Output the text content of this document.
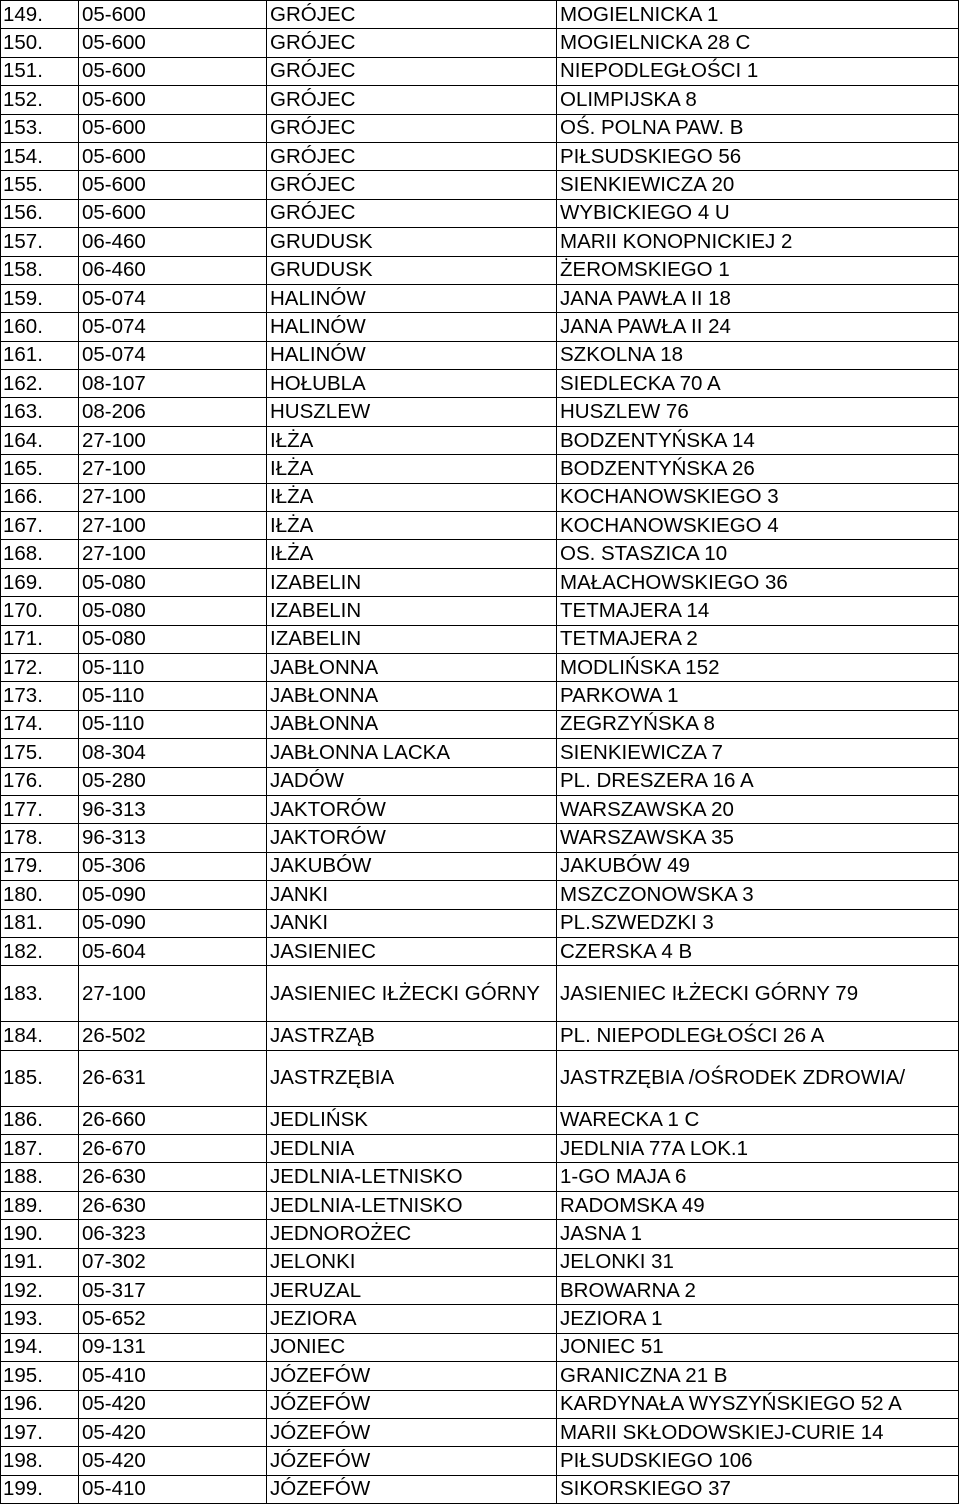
149.	05-600	GRÓJEC	MOGIELNICKA 1
150.	05-600	GRÓJEC	MOGIELNICKA 28 C
151.	05-600	GRÓJEC	NIEPODLEGŁOŚCI 1
152.	05-600	GRÓJEC	OLIMPIJSKA 8
153.	05-600	GRÓJEC	OŚ. POLNA PAW. B
154.	05-600	GRÓJEC	PIŁSUDSKIEGO 56
155.	05-600	GRÓJEC	SIENKIEWICZA 20
156.	05-600	GRÓJEC	WYBICKIEGO 4 U
157.	06-460	GRUDUSK	MARII KONOPNICKIEJ 2
158.	06-460	GRUDUSK	ŻEROMSKIEGO 1
159.	05-074	HALINÓW	JANA PAWŁA II 18
160.	05-074	HALINÓW	JANA PAWŁA II 24
161.	05-074	HALINÓW	SZKOLNA 18
162.	08-107	HOŁUBLA	SIEDLECKA 70 A
163.	08-206	HUSZLEW	HUSZLEW 76
164.	27-100	IŁŻA	BODZENTYŃSKA 14
165.	27-100	IŁŻA	BODZENTYŃSKA 26
166.	27-100	IŁŻA	KOCHANOWSKIEGO 3
167.	27-100	IŁŻA	KOCHANOWSKIEGO 4
168.	27-100	IŁŻA	OS. STASZICA 10
169.	05-080	IZABELIN	MAŁACHOWSKIEGO 36
170.	05-080	IZABELIN	TETMAJERA 14
171.	05-080	IZABELIN	TETMAJERA 2
172.	05-110	JABŁONNA	MODLIŃSKA 152
173.	05-110	JABŁONNA	PARKOWA 1
174.	05-110	JABŁONNA	ZEGRZYŃSKA 8
175.	08-304	JABŁONNA LACKA	SIENKIEWICZA 7
176.	05-280	JADÓW	PL. DRESZERA 16 A
177.	96-313	JAKTORÓW	WARSZAWSKA 20
178.	96-313	JAKTORÓW	WARSZAWSKA 35
179.	05-306	JAKUBÓW	JAKUBÓW 49
180.	05-090	JANKI	MSZCZONOWSKA 3
181.	05-090	JANKI	PL.SZWEDZKI 3
182.	05-604	JASIENIEC	CZERSKA 4 B
183.	27-100	JASIENIEC IŁŻECKI GÓRNY	JASIENIEC IŁŻECKI GÓRNY 79
184.	26-502	JASTRZĄB	PL. NIEPODLEGŁOŚCI 26 A
185.	26-631	JASTRZĘBIA	JASTRZĘBIA /OŚRODEK ZDROWIA/
186.	26-660	JEDLIŃSK	WARECKA 1 C
187.	26-670	JEDLNIA	JEDLNIA 77A LOK.1
188.	26-630	JEDLNIA-LETNISKO	1-GO MAJA 6
189.	26-630	JEDLNIA-LETNISKO	RADOMSKA 49
190.	06-323	JEDNOROŻEC	JASNA 1
191.	07-302	JELONKI	JELONKI 31
192.	05-317	JERUZAL	BROWARNA 2
193.	05-652	JEZIORA	JEZIORA 1
194.	09-131	JONIEC	JONIEC 51
195.	05-410	JÓZEFÓW	GRANICZNA 21 B
196.	05-420	JÓZEFÓW	KARDYNAŁA WYSZYŃSKIEGO 52 A
197.	05-420	JÓZEFÓW	MARII SKŁODOWSKIEJ-CURIE 14
198.	05-420	JÓZEFÓW	PIŁSUDSKIEGO 106
199.	05-410	JÓZEFÓW	SIKORSKIEGO 37
